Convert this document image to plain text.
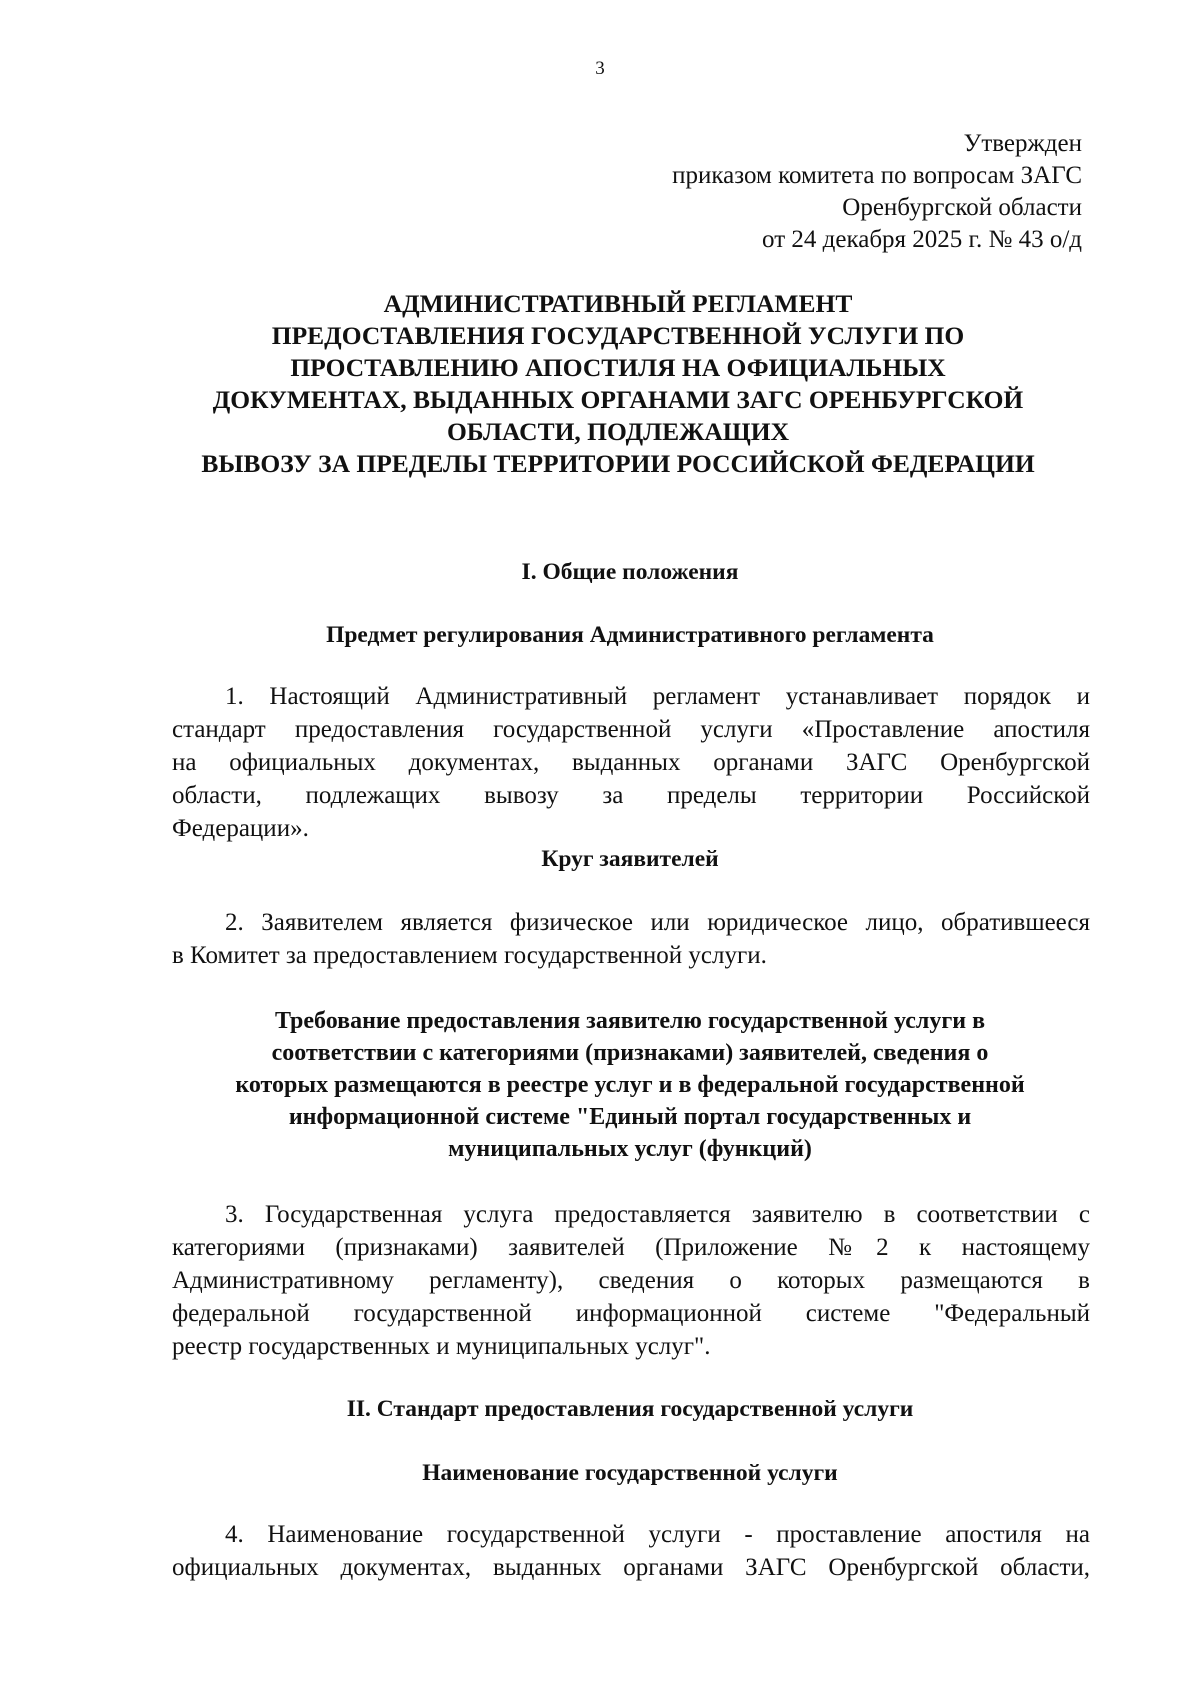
3
Утвержден
приказом комитета по вопросам ЗАГС
Оренбургской области
от 24 декабря 2025 г. № 43 о/д
АДМИНИСТРАТИВНЫЙ РЕГЛАМЕНТ
ПРЕДОСТАВЛЕНИЯ ГОСУДАРСТВЕННОЙ УСЛУГИ ПО
ПРОСТАВЛЕНИЮ АПОСТИЛЯ НА ОФИЦИАЛЬНЫХ
ДОКУМЕНТАХ, ВЫДАННЫХ ОРГАНАМИ ЗАГС ОРЕНБУРГСКОЙ
ОБЛАСТИ, ПОДЛЕЖАЩИХ
ВЫВОЗУ ЗА ПРЕДЕЛЫ ТЕРРИТОРИИ РОССИЙСКОЙ ФЕДЕРАЦИИ
I. Общие положения
Предмет регулирования Административного регламента
1. Настоящий Административный регламент устанавливает порядок и
стандарт предоставления государственной услуги «Проставление апостиля
на официальных документах, выданных органами ЗАГС Оренбургской
области, подлежащих вывозу за пределы территории Российской
Федерации».
Круг заявителей
2. Заявителем является физическое или юридическое лицо, обратившееся
в Комитет за предоставлением государственной услуги.
Требование предоставления заявителю государственной услуги в
соответствии с категориями (признаками) заявителей, сведения о
которых размещаются в реестре услуг и в федеральной государственной
информационной системе "Единый портал государственных и
муниципальных услуг (функций)
3. Государственная услуга предоставляется заявителю в соответствии с
категориями (признаками) заявителей (Приложение №2 к настоящему
Административному регламенту), сведения о которых размещаются в
федеральной государственной информационной системе "Федеральный
реестр государственных и муниципальных услуг".
II. Стандарт предоставления государственной услуги
Наименование государственной услуги
4. Наименование государственной услуги - проставление апостиля на
официальных документах, выданных органами ЗАГС Оренбургской области,
